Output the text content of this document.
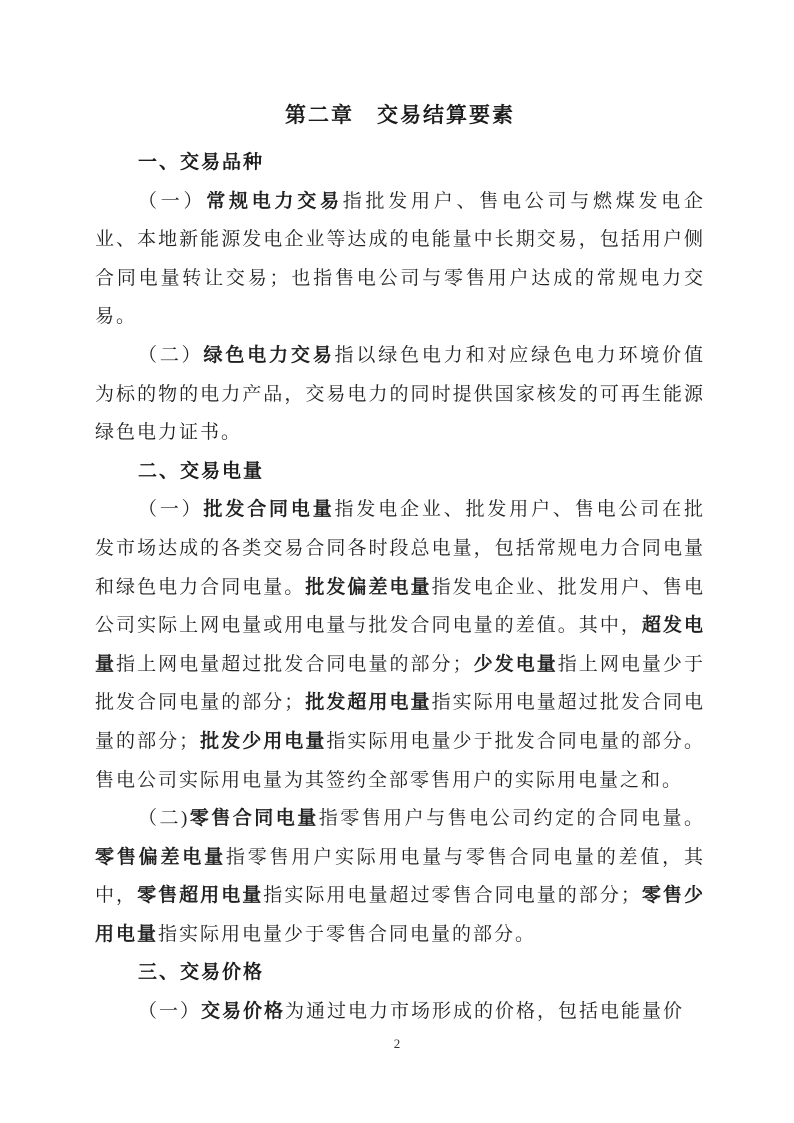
第二章　交易结算要素

一、交易品种

（一）常规电力交易指批发用户、售电公司与燃煤发电企业、本地新能源发电企业等达成的电能量中长期交易，包括用户侧合同电量转让交易；也指售电公司与零售用户达成的常规电力交易。

（二）绿色电力交易指以绿色电力和对应绿色电力环境价值为标的物的电力产品，交易电力的同时提供国家核发的可再生能源绿色电力证书。

二、交易电量

（一）批发合同电量指发电企业、批发用户、售电公司在批发市场达成的各类交易合同各时段总电量，包括常规电力合同电量和绿色电力合同电量。批发偏差电量指发电企业、批发用户、售电公司实际上网电量或用电量与批发合同电量的差值。其中，超发电量指上网电量超过批发合同电量的部分；少发电量指上网电量少于批发合同电量的部分；批发超用电量指实际用电量超过批发合同电量的部分；批发少用电量指实际用电量少于批发合同电量的部分。售电公司实际用电量为其签约全部零售用户的实际用电量之和。

（二)零售合同电量指零售用户与售电公司约定的合同电量。零售偏差电量指零售用户实际用电量与零售合同电量的差值，其中，零售超用电量指实际用电量超过零售合同电量的部分；零售少用电量指实际用电量少于零售合同电量的部分。

三、交易价格

（一）交易价格为通过电力市场形成的价格，包括电能量价

2
